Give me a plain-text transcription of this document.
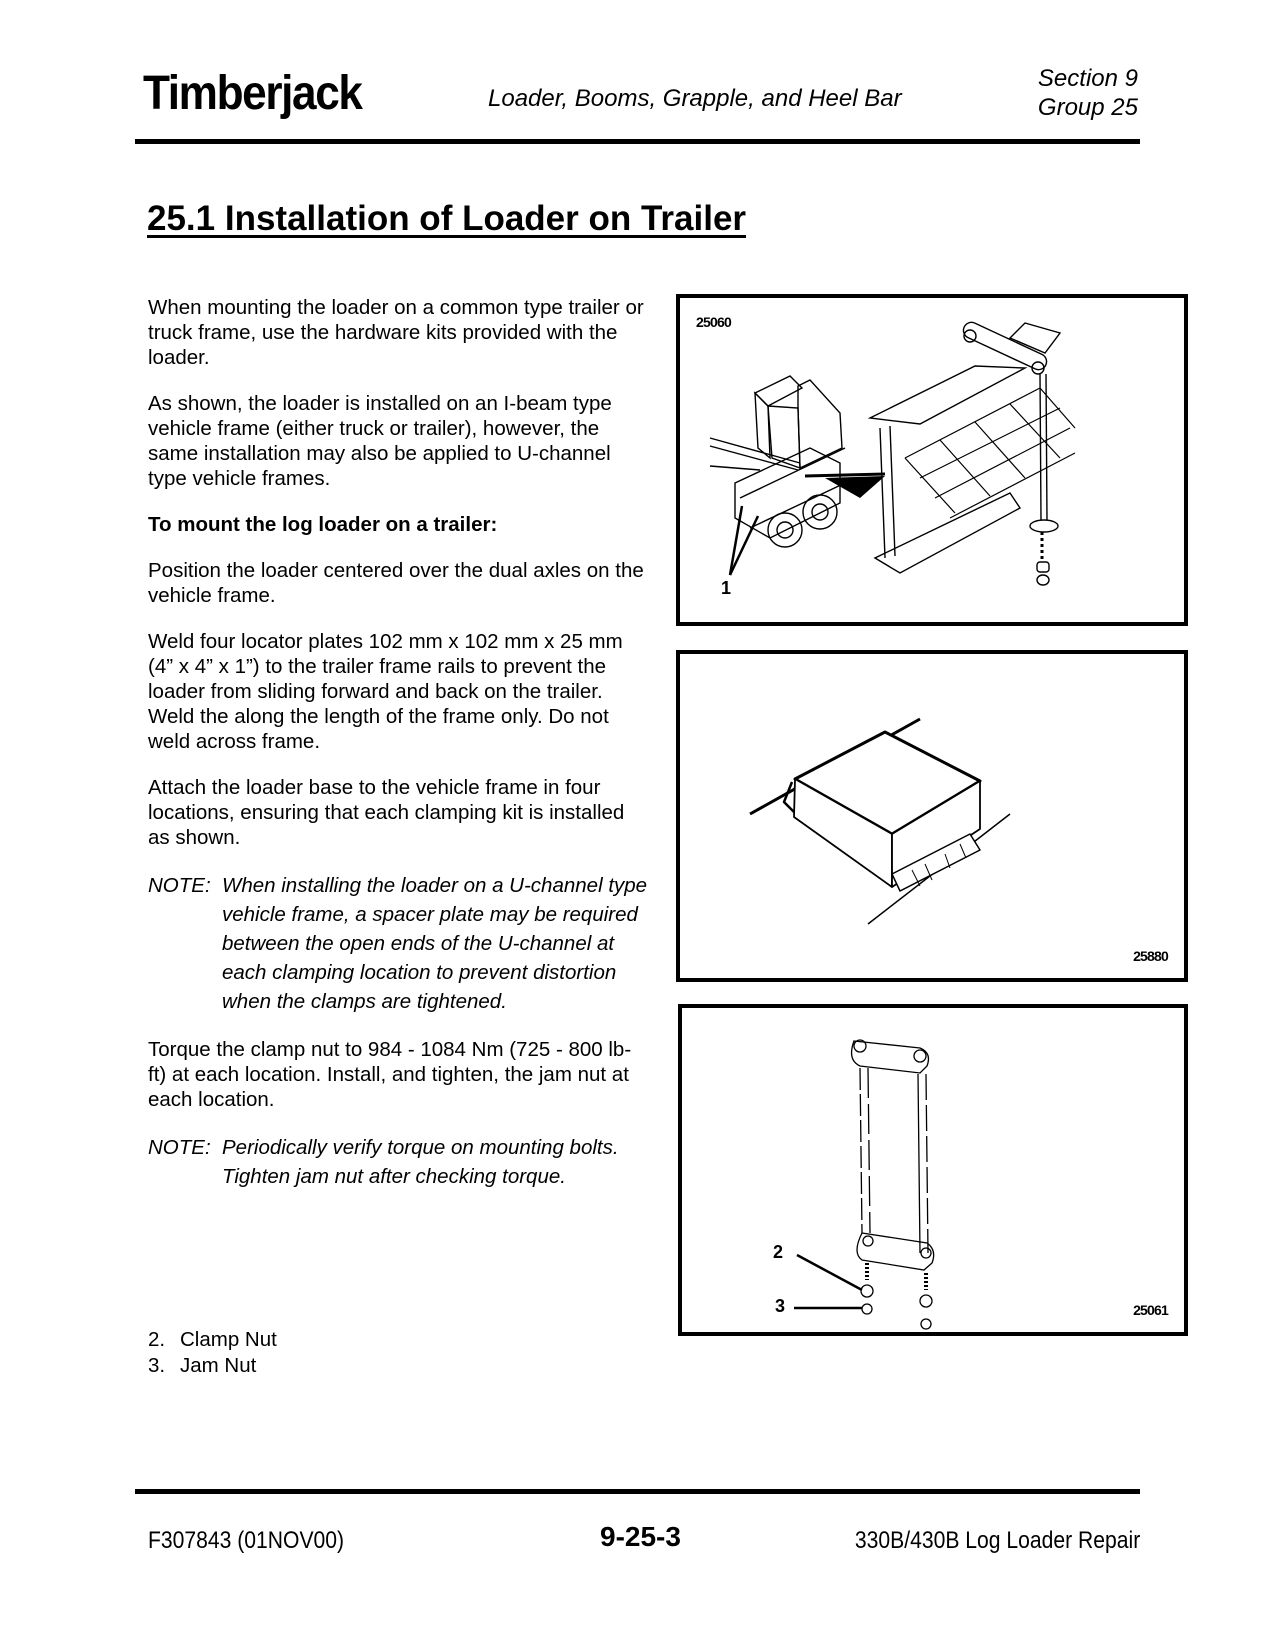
Timberjack	Loader, Booms, Grapple, and Heel Bar
Section 9
Group 25
25.1 Installation of Loader on Trailer

When mounting the loader on a common type trailer or truck frame, use the hardware kits provided with the loader.

As shown, the loader is installed on an I-beam type vehicle frame (either truck or trailer), however, the same installation may also be applied to U-channel type vehicle frames.

To mount the log loader on a trailer:

Position the loader centered over the dual axles on the vehicle frame.

Weld four locator plates 102 mm x 102 mm x 25 mm (4” x 4” x 1”) to the trailer frame rails to prevent the loader from sliding forward and back on the trailer. Weld the along the length of the frame only. Do not weld across frame.

Attach the loader base to the vehicle frame in four locations, ensuring that each clamping kit is installed as shown.

NOTE: When installing the loader on a U-channel type vehicle frame, a spacer plate may be required between the open ends of the U-channel at each clamping location to prevent distortion when the clamps are tightened.

Torque the clamp nut to 984 - 1084 Nm (725 - 800 lb-ft) at each location. Install, and tighten, the jam nut at each location.

NOTE: Periodically verify torque on mounting bolts. Tighten jam nut after checking torque.
2. Clamp Nut
3. Jam Nut
25060
1
25880
2
3	25061
F307843 (01NOV00)	9-25-3	330B/430B Log Loader Repair
